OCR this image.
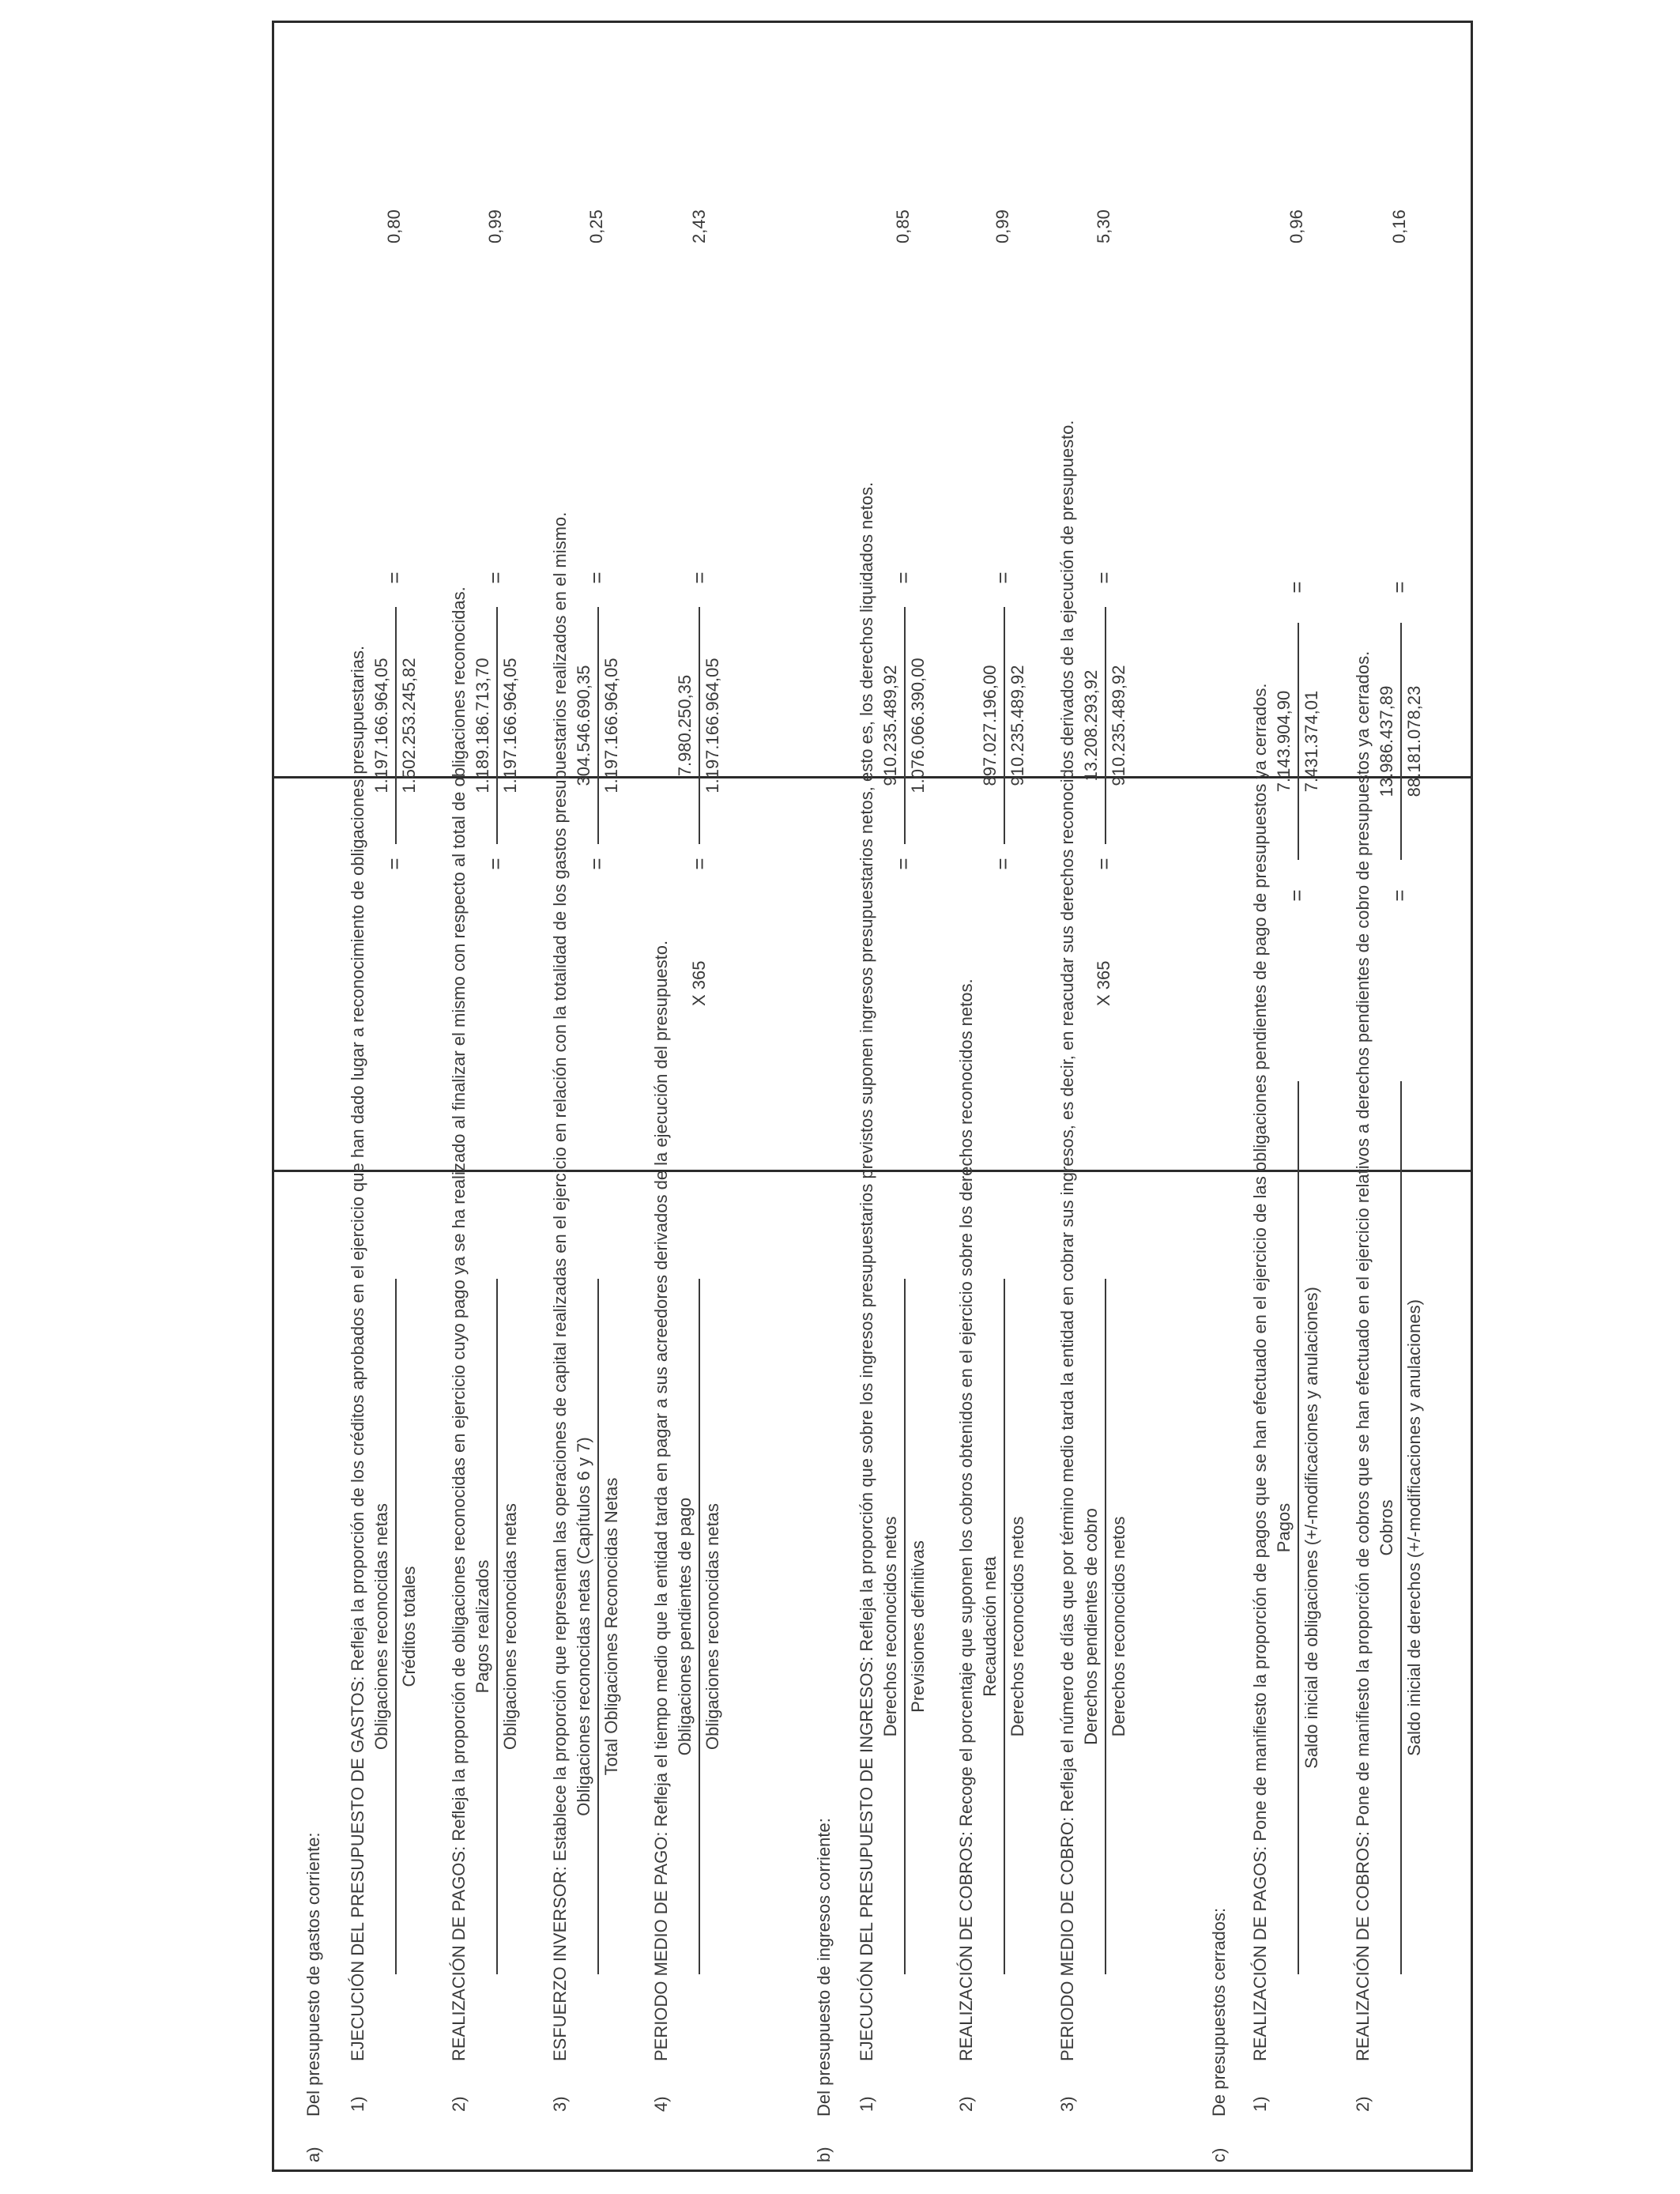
a)
Del presupuesto de gastos corriente: 1)
EJECUCIÓN DEL PRESUPUESTO DE GASTOS: Refleja la proporción de los créditos aprobados en el ejercicio que han dado lugar a reconocimiento de obligaciones presupuestarias. Obligaciones reconocidas netas Créditos totales
=
1.197.166.964,05 1.502.253.245,82
=
0,80
2)
REALIZACIÓN DE PAGOS: Refleja la proporción de obligaciones reconocidas en ejercicio cuyo pago ya se ha realizado al finalizar el mismo con respecto al total de obligaciones reconocidas. Pagos realizados Obligaciones reconocidas netas
=
1.189.186.713,70 1.197.166.964,05
=
0,99
3)
ESFUERZO INVERSOR: Establece la proporción que representan las operaciones de capital realizadas en el ejercicio en relación con la totalidad de los gastos presupuestarios realizados en el mismo. Obligaciones reconocidas netas (Capítulos 6 y 7) Total Obligaciones Reconocidas Netas
=
304.546.690,35 1.197.166.964,05
=
0,25
4)
PERIODO MEDIO DE PAGO: Refleja el tiempo medio que la entidad tarda en pagar a sus acreedores derivados de la ejecución del presupuesto. Obligaciones pendientes de pago Obligaciones reconocidas netas
X 365
=
7.980.250,35 1.197.166.964,05
=
2,43
b)
Del presupuesto de ingresos corriente: 1)
EJECUCIÓN DEL PRESUPUESTO DE INGRESOS: Refleja la proporción que sobre los ingresos presupuestarios previstos suponen ingresos presupuestarios netos, esto es, los derechos liquidados netos. Derechos reconocidos netos Previsiones definitivas
=
910.235.489,92 1.076.066.390,00
=
0,85
2)
REALIZACIÓN DE COBROS: Recoge el porcentaje que suponen los cobros obtenidos en el ejercicio sobre los derechos reconocidos netos. Recaudación neta Derechos reconocidos netos
=
897.027.196,00 910.235.489,92
=
0,99
3)
PERIODO MEDIO DE COBRO: Refleja el número de días que por término medio tarda la entidad en cobrar sus ingresos, es decir, en reacudar sus derechos reconocidos derivados de la ejecución de presupuesto. Derechos pendientes de cobro Derechos reconocidos netos
X 365
=
13.208.293,92 910.235.489,92
=
5,30
c)
De presupuestos cerrados: 1)
REALIZACIÓN DE PAGOS: Pone de manifiesto la proporción de pagos que se han efectuado en el ejercicio de las obligaciones pendientes de pago de presupuestos ya cerrados. Pagos Saldo inicial de obligaciones (+/-modificaciones y anulaciones)
=
7.143.904,90 7.431.374,01
=
0,96
2)
REALIZACIÓN DE COBROS: Pone de manifiesto la proporción de cobros que se han efectuado en el ejercicio relativos a derechos pendientes de cobro de presupuestos ya cerrados. Cobros Saldo inicial de derechos (+/-modificaciones y anulaciones)
=
13.986.437,89 88.181.078,23
=
0,16
